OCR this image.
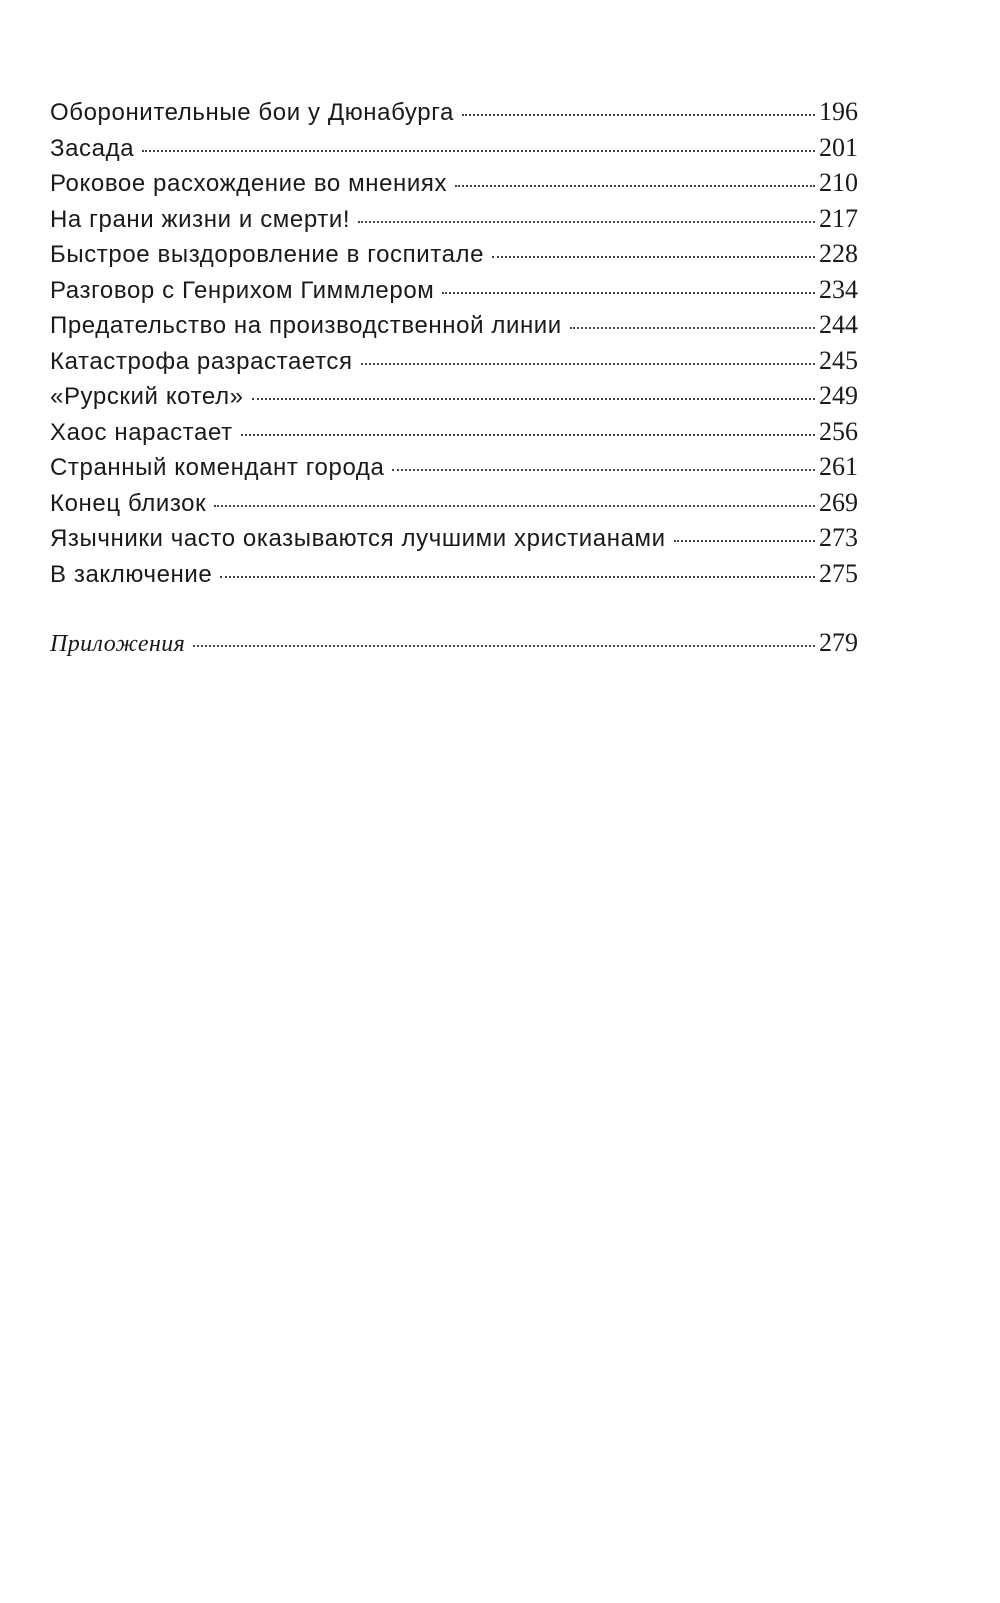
Оборонительные бои у Дюнабурга	196
Засада	201
Роковое расхождение во мнениях	210
На грани жизни и смерти!	217
Быстрое выздоровление в госпитале	228
Разговор с Генрихом Гиммлером	234
Предательство на производственной линии	244
Катастрофа разрастается	245
«Рурский котел»	249
Хаос нарастает	256
Странный комендант города	261
Конец близок	269
Язычники часто оказываются лучшими христианами	273
В заключение	275
Приложения	279
